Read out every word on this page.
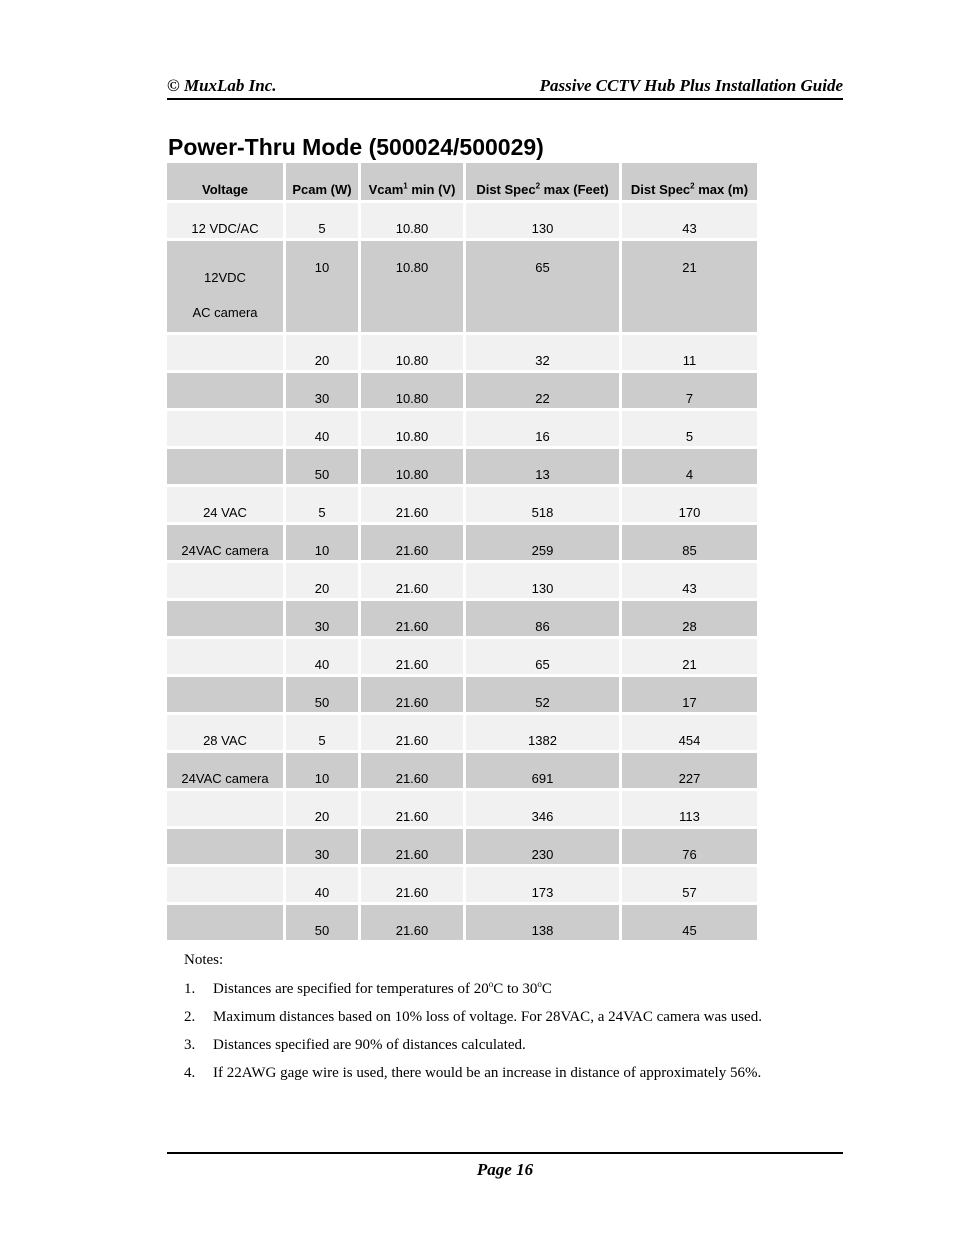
© MuxLab Inc.	Passive CCTV Hub Plus Installation Guide
Power-Thru Mode (500024/500029)
Voltage	Pcam (W)	Vcam$^1$ min (V)	Dist Spec$^2$ max (Feet)	Dist Spec$^2$ max (m)
12 VDC/AC	5	10.80	130	43
12VDC
AC camera	10	10.80	65	21
	20	10.80	32	11
	30	10.80	22	7
	40	10.80	16	5
	50	10.80	13	4
24 VAC	5	21.60	518	170
24VAC camera	10	21.60	259	85
	20	21.60	130	43
	30	21.60	86	28
	40	21.60	65	21
	50	21.60	52	17
28 VAC	5	21.60	1382	454
24VAC camera	10	21.60	691	227
	20	21.60	346	113
	30	21.60	230	76
	40	21.60	173	57
	50	21.60	138	45
Notes:
1. Distances are specified for temperatures of 20$^o$C to 30$^o$C
2. Maximum distances based on 10% loss of voltage. For 28VAC, a 24VAC camera was used.
3. Distances specified are 90% of distances calculated.
4. If 22AWG gage wire is used, there would be an increase in distance of approximately 56%.
Page 16
